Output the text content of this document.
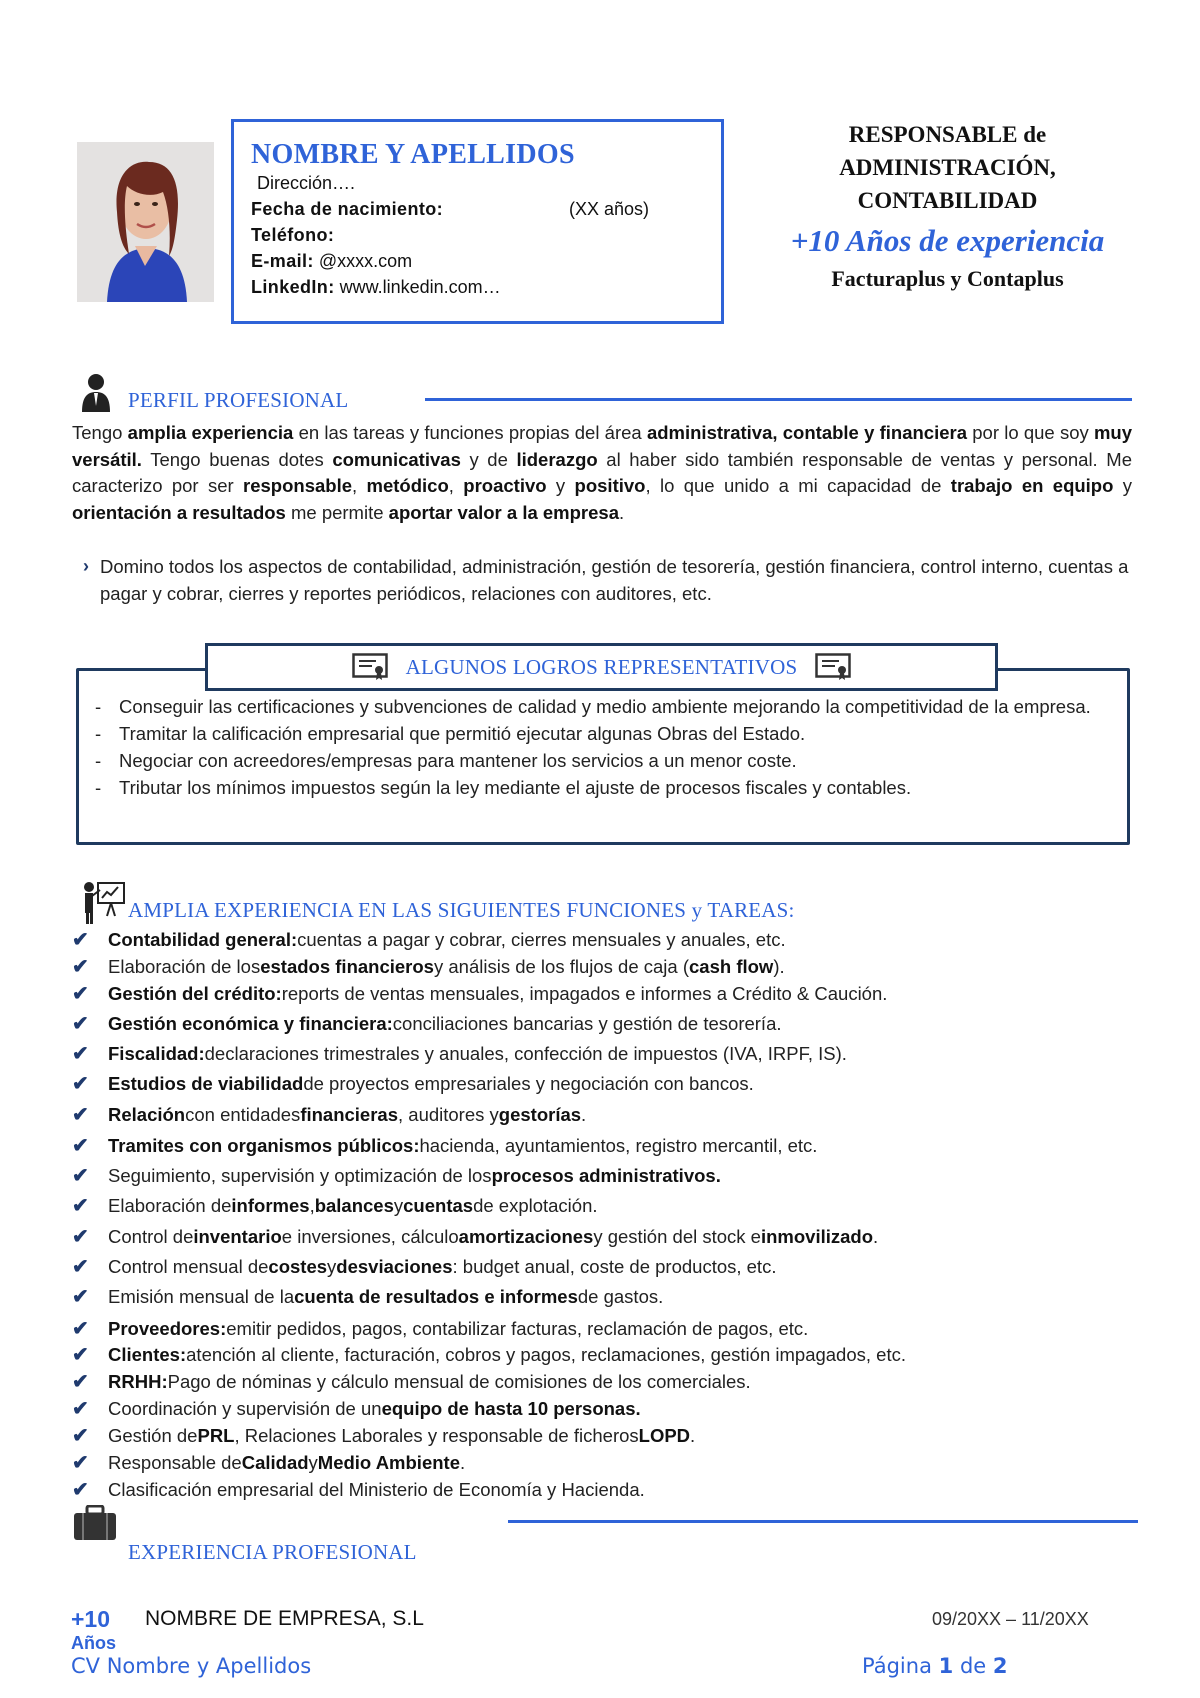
NOMBRE Y APELLIDOS
Dirección….
Fecha de nacimiento:	(XX años)
Teléfono:
E-mail: @xxxx.com
LinkedIn: www.linkedin.com…
RESPONSABLE de
ADMINISTRACIÓN,
CONTABILIDAD
+10 Años de experiencia
Facturaplus y Contaplus
PERFIL PROFESIONAL
Tengo amplia experiencia en las tareas y funciones propias del área administrativa, contable y financiera por lo que soy muy versátil. Tengo buenas dotes comunicativas y de liderazgo al haber sido también responsable de ventas y personal. Me caracterizo por ser responsable, metódico, proactivo y positivo, lo que unido a mi capacidad de trabajo en equipo y orientación a resultados me permite aportar valor a la empresa.
› Domino todos los aspectos de contabilidad, administración, gestión de tesorería, gestión financiera, control interno, cuentas a pagar y cobrar, cierres y reportes periódicos, relaciones con auditores, etc.
- Conseguir las certificaciones y subvenciones de calidad y medio ambiente mejorando la competitividad de la empresa.
- Tramitar la calificación empresarial que permitió ejecutar algunas Obras del Estado.
- Negociar con acreedores/empresas para mantener los servicios a un menor coste.
- Tributar los mínimos impuestos según la ley mediante el ajuste de procesos fiscales y contables.
ALGUNOS LOGROS REPRESENTATIVOS
AMPLIA EXPERIENCIA EN LAS SIGUIENTES FUNCIONES y TAREAS:
✔	Contabilidad general: cuentas a pagar y cobrar, cierres mensuales y anuales, etc.
✔	Elaboración de los estados financieros y análisis de los flujos de caja ( cash flow ).
✔	Gestión del crédito: reports de ventas mensuales, impagados e informes a Crédito & Caución.
✔	Gestión económica y financiera: conciliaciones bancarias y gestión de tesorería.
✔	Fiscalidad: declaraciones trimestrales y anuales, confección de impuestos (IVA, IRPF, IS).
✔	Estudios de viabilidad de proyectos empresariales y negociación con bancos.
✔	Relación con entidades financieras , auditores y gestorías .
✔	Tramites con organismos públicos: hacienda, ayuntamientos, registro mercantil, etc.
✔	Seguimiento, supervisión y optimización de los procesos administrativos.
✔	Elaboración de informes , balances y cuentas de explotación.
✔	Control de inventario e inversiones, cálculo amortizaciones y gestión del stock e inmovilizado .
✔	Control mensual de costes y desviaciones : budget anual, coste de productos, etc.
✔	Emisión mensual de la cuenta de resultados e informes de gastos.
✔	Proveedores: emitir pedidos, pagos, contabilizar facturas, reclamación de pagos, etc.
✔	Clientes: atención al cliente, facturación, cobros y pagos, reclamaciones, gestión impagados, etc.
✔	RRHH: Pago de nóminas y cálculo mensual de comisiones de los comerciales.
✔	Coordinación y supervisión de un equipo de hasta 10 personas.
✔	Gestión de PRL , Relaciones Laborales y responsable de ficheros LOPD .
✔	Responsable de Calidad y Medio Ambiente .
✔	Clasificación empresarial del Ministerio de Economía y Hacienda.
EXPERIENCIA PROFESIONAL
+10
Años
NOMBRE DE EMPRESA, S.L	09/20XX – 11/20XX
CV Nombre y Apellidos	Página 1 de 2
